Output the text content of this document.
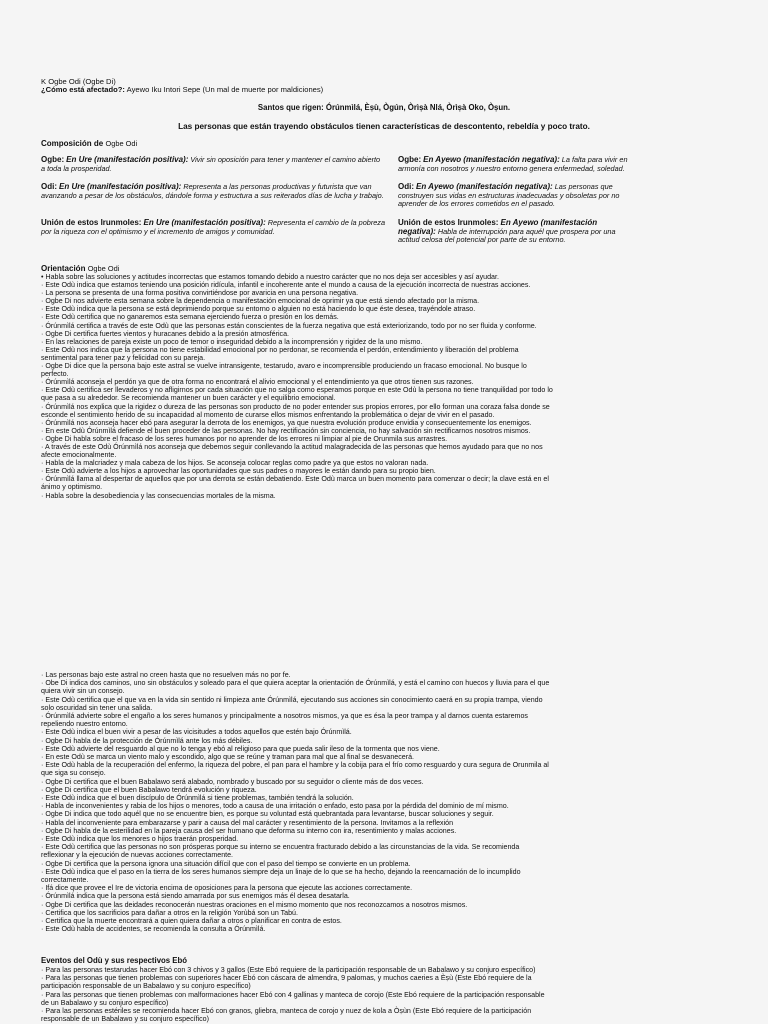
K Ogbe Odi (Ogbe Di)
¿Cómo está afectado?: Ayewo Iku Intori Sepe (Un mal de muerte por maldiciones)
Santos que rigen: Órúnmìlá, Èṣù, Ògún, Òrìṣà Nlá, Òrìṣà Oko, Òṣun.
Las personas que están trayendo obstáculos tienen características de descontento, rebeldía y poco trato.
Composición de Ogbe Odi
Ogbe: En Ure (manifestación positiva): Vivir sin oposición para tener y mantener el camino abierto a toda la prosperidad.
Odi: En Ure (manifestación positiva): Representa a las personas productivas y futurista que van avanzando a pesar de los obstáculos, dándole forma y estructura a sus reiterados días de lucha y trabajo.
Unión de estos Irunmoles: En Ure (manifestación positiva): Representa el cambio de la pobreza por la riqueza con el optimismo y el incremento de amigos y comunidad.
Ogbe: En Ayewo (manifestación negativa): La falta para vivir en armonía con nosotros y nuestro entorno genera enfermedad, soledad.
Odi: En Ayewo (manifestación negativa): Las personas que construyen sus vidas en estructuras inadecuadas y obsoletas por no aprender de los errores cometidos en el pasado.
Unión de estos Irunmoles: En Ayewo (manifestación negativa): Habla de interrupción para aquél que prospera por una actitud celosa del potencial por parte de su entorno.
Orientación Ogbe Odi
• Habla sobre las soluciones y actitudes incorrectas que estamos tomando debido a nuestro carácter que no nos deja ser accesibles y así ayudar.
· Este Odù indica que estamos teniendo una posición ridícula, infantil e incoherente ante el mundo a causa de la ejecución incorrecta de nuestras acciones.
· La persona se presenta de una forma positiva convirtiéndose por avaricia en una persona negativa.
· Ogbe Di nos advierte esta semana sobre la dependencia o manifestación emocional de oprimir ya que está siendo afectado por la misma.
· Este Odù indica que la persona se está deprimiendo porque su entorno o alguien no está haciendo lo que éste desea, trayéndole atraso.
· Este Odù certifica que no ganaremos esta semana ejerciendo fuerza o presión en los demás.
· Órúnmìlá certifica a través de este Odù que las personas están conscientes de la fuerza negativa que está exteriorizando, todo por no ser fluida y conforme.
· Ogbe Di certifica fuertes vientos y huracanes debido a la presión atmosférica.
· En las relaciones de pareja existe un poco de temor o inseguridad debido a la incomprensión y rigidez de la uno mismo.
· Este Odù nos indica que la persona no tiene estabilidad emocional por no perdonar, se recomienda el perdón, entendimiento y liberación del problema
sentimental para tener paz y felicidad con su pareja.
· Ogbe Di dice que la persona bajo este astral se vuelve intransigente, testarudo, avaro e incomprensible produciendo un fracaso emocional. No busque lo
perfecto.
· Órúnmìlá aconseja el perdón ya que de otra forma no encontrará el alivio emocional y el entendimiento ya que otros tienen sus razones.
· Este Odù certifica ser llevaderos y no afligirnos por cada situación que no salga como esperamos porque en este Odù la persona no tiene tranquilidad por todo lo
que pasa a su alrededor. Se recomienda mantener un buen carácter y el equilibrio emocional.
· Órúnmìlá nos explica que la rigidez o dureza de las personas son producto de no poder entender sus propios errores, por ello forman una coraza falsa donde se
esconde el sentimiento herido de su incapacidad al momento de curarse ellos mismos enfrentando la problemática o dejar de vivir en el pasado.
· Órúnmìlá nos aconseja hacer ebó para asegurar la derrota de los enemigos, ya que nuestra evolución produce envidia y consecuentemente los enemigos.
· En este Odù Órúnmìlá defiende el buen proceder de las personas. No hay rectificación sin conciencia, no hay salvación sin rectificarnos nosotros mismos.
· Ogbe Di habla sobre el fracaso de los seres humanos por no aprender de los errores ni limpiar al pie de Orunmila sus arrastres.
· A través de este Odù Órúnmìlá nos aconseja que debemos seguir conllevando la actitud malagradecida de las personas que hemos ayudado para que no nos
afecte emocionalmente.
· Habla de la malcriadez y mala cabeza de los hijos. Se aconseja colocar reglas como padre ya que estos no valoran nada.
· Este Odù advierte a los hijos a aprovechar las oportunidades que sus padres o mayores le están dando para su propio bien.
· Órúnmìlá llama al despertar de aquellos que por una derrota se están debatiendo. Este Odù marca un buen momento para comenzar o decir; la clave está en el
ánimo y optimismo.
· Habla sobre la desobediencia y las consecuencias mortales de la misma.
· Las personas bajo este astral no creen hasta que no resuelven más no por fe.
· Obe Di indica dos caminos, uno sin obstáculos y soleado para el que quiera aceptar la orientación de Órúnmìlá, y está el camino con huecos y lluvia para el que
quiera vivir sin un consejo.
· Este Odù certifica que el que va en la vida sin sentido ni limpieza ante Órúnmìlá, ejecutando sus acciones sin conocimiento caerá en su propia trampa, viendo
solo oscuridad sin tener una salida.
· Órúnmìlá advierte sobre el engaño a los seres humanos y principalmente a nosotros mismos, ya que es ésa la peor trampa y al darnos cuenta estaremos
repeliendo nuestro entorno.
· Este Odù indica el buen vivir a pesar de las vicisitudes a todos aquellos que estén bajo Órúnmìlá.
· Ogbe Di habla de la protección de Órúnmìlá ante los más débiles.
· Este Odù advierte del resguardo al que no lo tenga y ebó al religioso para que pueda salir ileso de la tormenta que nos viene.
· En este Odù se marca un viento malo y escondido, algo que se reúne y traman para mal que al final se desvanecerá.
· Este Odù habla de la recuperación del enfermo, la riqueza del pobre, el pan para el hambre y la cobija para el frío como resguardo y cura segura de Orunmila al
que siga su consejo.
· Ogbe Di certifica que el buen Babalawo será alabado, nombrado y buscado por su seguidor o cliente más de dos veces.
· Ogbe Di certifica que el buen Babalawo tendrá evolución y riqueza.
· Este Odù indica que el buen discípulo de Órúnmìlá si tiene problemas, también tendrá la solución.
· Habla de inconvenientes y rabia de los hijos o menores, todo a causa de una irritación o enfado, esto pasa por la pérdida del dominio de mí mismo.
· Ogbe Di indica que todo aquél que no se encuentre bien, es porque su voluntad está quebrantada para levantarse, buscar soluciones y seguir.
· Habla del inconveniente para embarazarse y parir a causa del mal carácter y resentimiento de la persona. Invitamos a la reflexión
· Ogbe Di habla de la esterilidad en la pareja causa del ser humano que deforma su interno con ira, resentimiento y malas acciones.
· Este Odù indica que los menores o hijos traerán prosperidad.
· Este Odù certifica que las personas no son prósperas porque su interno se encuentra fracturado debido a las circunstancias de la vida. Se recomienda
reflexionar y la ejecución de nuevas acciones correctamente.
· Ogbe Di certifica que la persona ignora una situación difícil que con el paso del tiempo se convierte en un problema.
· Este Odù indica que el paso en la tierra de los seres humanos siempre deja un linaje de lo que se ha hecho, dejando la reencarnación de lo incumplido
correctamente.
· Ifá dice que provee el Ire de victoria encima de oposiciones para la persona que ejecute las acciones correctamente.
· Órúnmìlá indica que la persona está siendo amarrada por sus enemigos más él desea desatarla.
· Ogbe Di certifica que las deidades reconocerán nuestras oraciones en el mismo momento que nos reconozcamos a nosotros mismos.
· Certifica que los sacrificios para dañar a otros en la religión Yorùbá son un Tabú.
· Certifica que la muerte encontrará a quien quiera dañar a otros o planificar en contra de estos.
· Este Odù habla de accidentes, se recomienda la consulta a Órúnmìlá.
Eventos del Odù y sus respectivos Ebó
· Para las personas testarudas hacer Ebó con 3 chivos y 3 gallos (Este Ebó requiere de la participación responsable de un Babalawo y su conjuro específico)
· Para las personas que tienen problemas con superiores hacer Ebó con cáscara de almendra, 9 palomas, y muchos caeries a Èṣù (Este Ebó requiere de la
participación responsable de un Babalawo y su conjuro específico)
· Para las personas que tienen problemas con malformaciones hacer Ebó con 4 gallinas y manteca de corojo (Este Ebó requiere de la participación responsable
de un Babalawo y su conjuro específico)
· Para las personas estériles se recomienda hacer Ebó con granos, gliebra, manteca de corojo y nuez de kola a Òṣùn (Este Ebó requiere de la participación
responsable de un Babalawo y su conjuro específico)
